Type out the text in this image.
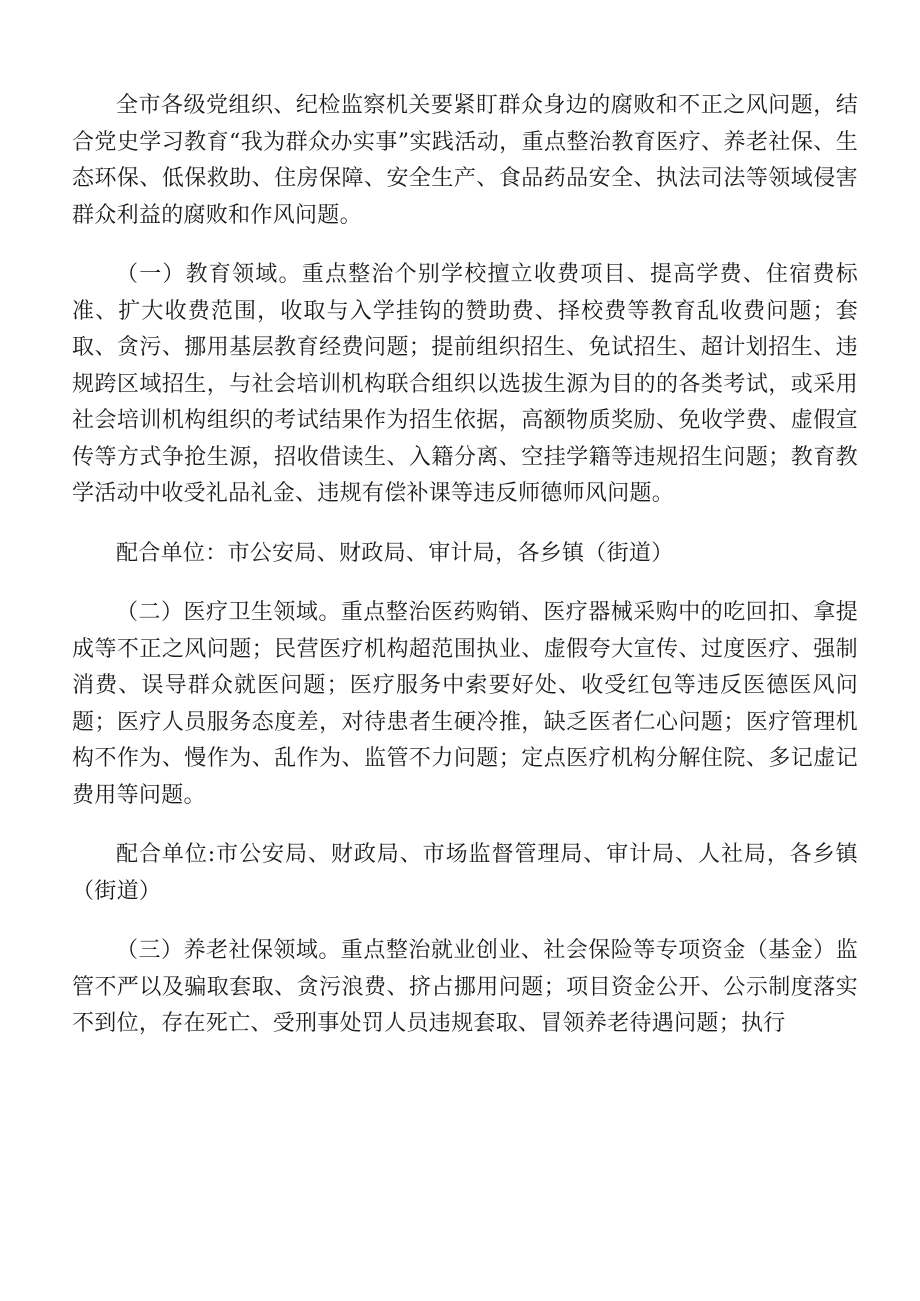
全市各级党组织、纪检监察机关要紧盯群众身边的腐败和不正之风问题，结合党史学习教育“我为群众办实事”实践活动，重点整治教育医疗、养老社保、生态环保、低保救助、住房保障、安全生产、食品药品安全、执法司法等领域侵害群众利益的腐败和作风问题。

（一）教育领域。重点整治个别学校擅立收费项目、提高学费、住宿费标准、扩大收费范围，收取与入学挂钩的赞助费、择校费等教育乱收费问题；套取、贪污、挪用基层教育经费问题；提前组织招生、免试招生、超计划招生、违规跨区域招生，与社会培训机构联合组织以选拔生源为目的的各类考试，或采用社会培训机构组织的考试结果作为招生依据，高额物质奖励、免收学费、虚假宣传等方式争抢生源，招收借读生、入籍分离、空挂学籍等违规招生问题；教育教学活动中收受礼品礼金、违规有偿补课等违反师德师风问题。

配合单位：市公安局、财政局、审计局，各乡镇（街道）

（二）医疗卫生领域。重点整治医药购销、医疗器械采购中的吃回扣、拿提成等不正之风问题；民营医疗机构超范围执业、虚假夸大宣传、过度医疗、强制消费、误导群众就医问题；医疗服务中索要好处、收受红包等违反医德医风问题；医疗人员服务态度差，对待患者生硬冷推，缺乏医者仁心问题；医疗管理机构不作为、慢作为、乱作为、监管不力问题；定点医疗机构分解住院、多记虚记费用等问题。

配合单位:市公安局、财政局、市场监督管理局、审计局、人社局，各乡镇（街道）

（三）养老社保领域。重点整治就业创业、社会保险等专项资金（基金）监管不严以及骗取套取、贪污浪费、挤占挪用问题；项目资金公开、公示制度落实不到位，存在死亡、受刑事处罚人员违规套取、冒领养老待遇问题；执行
